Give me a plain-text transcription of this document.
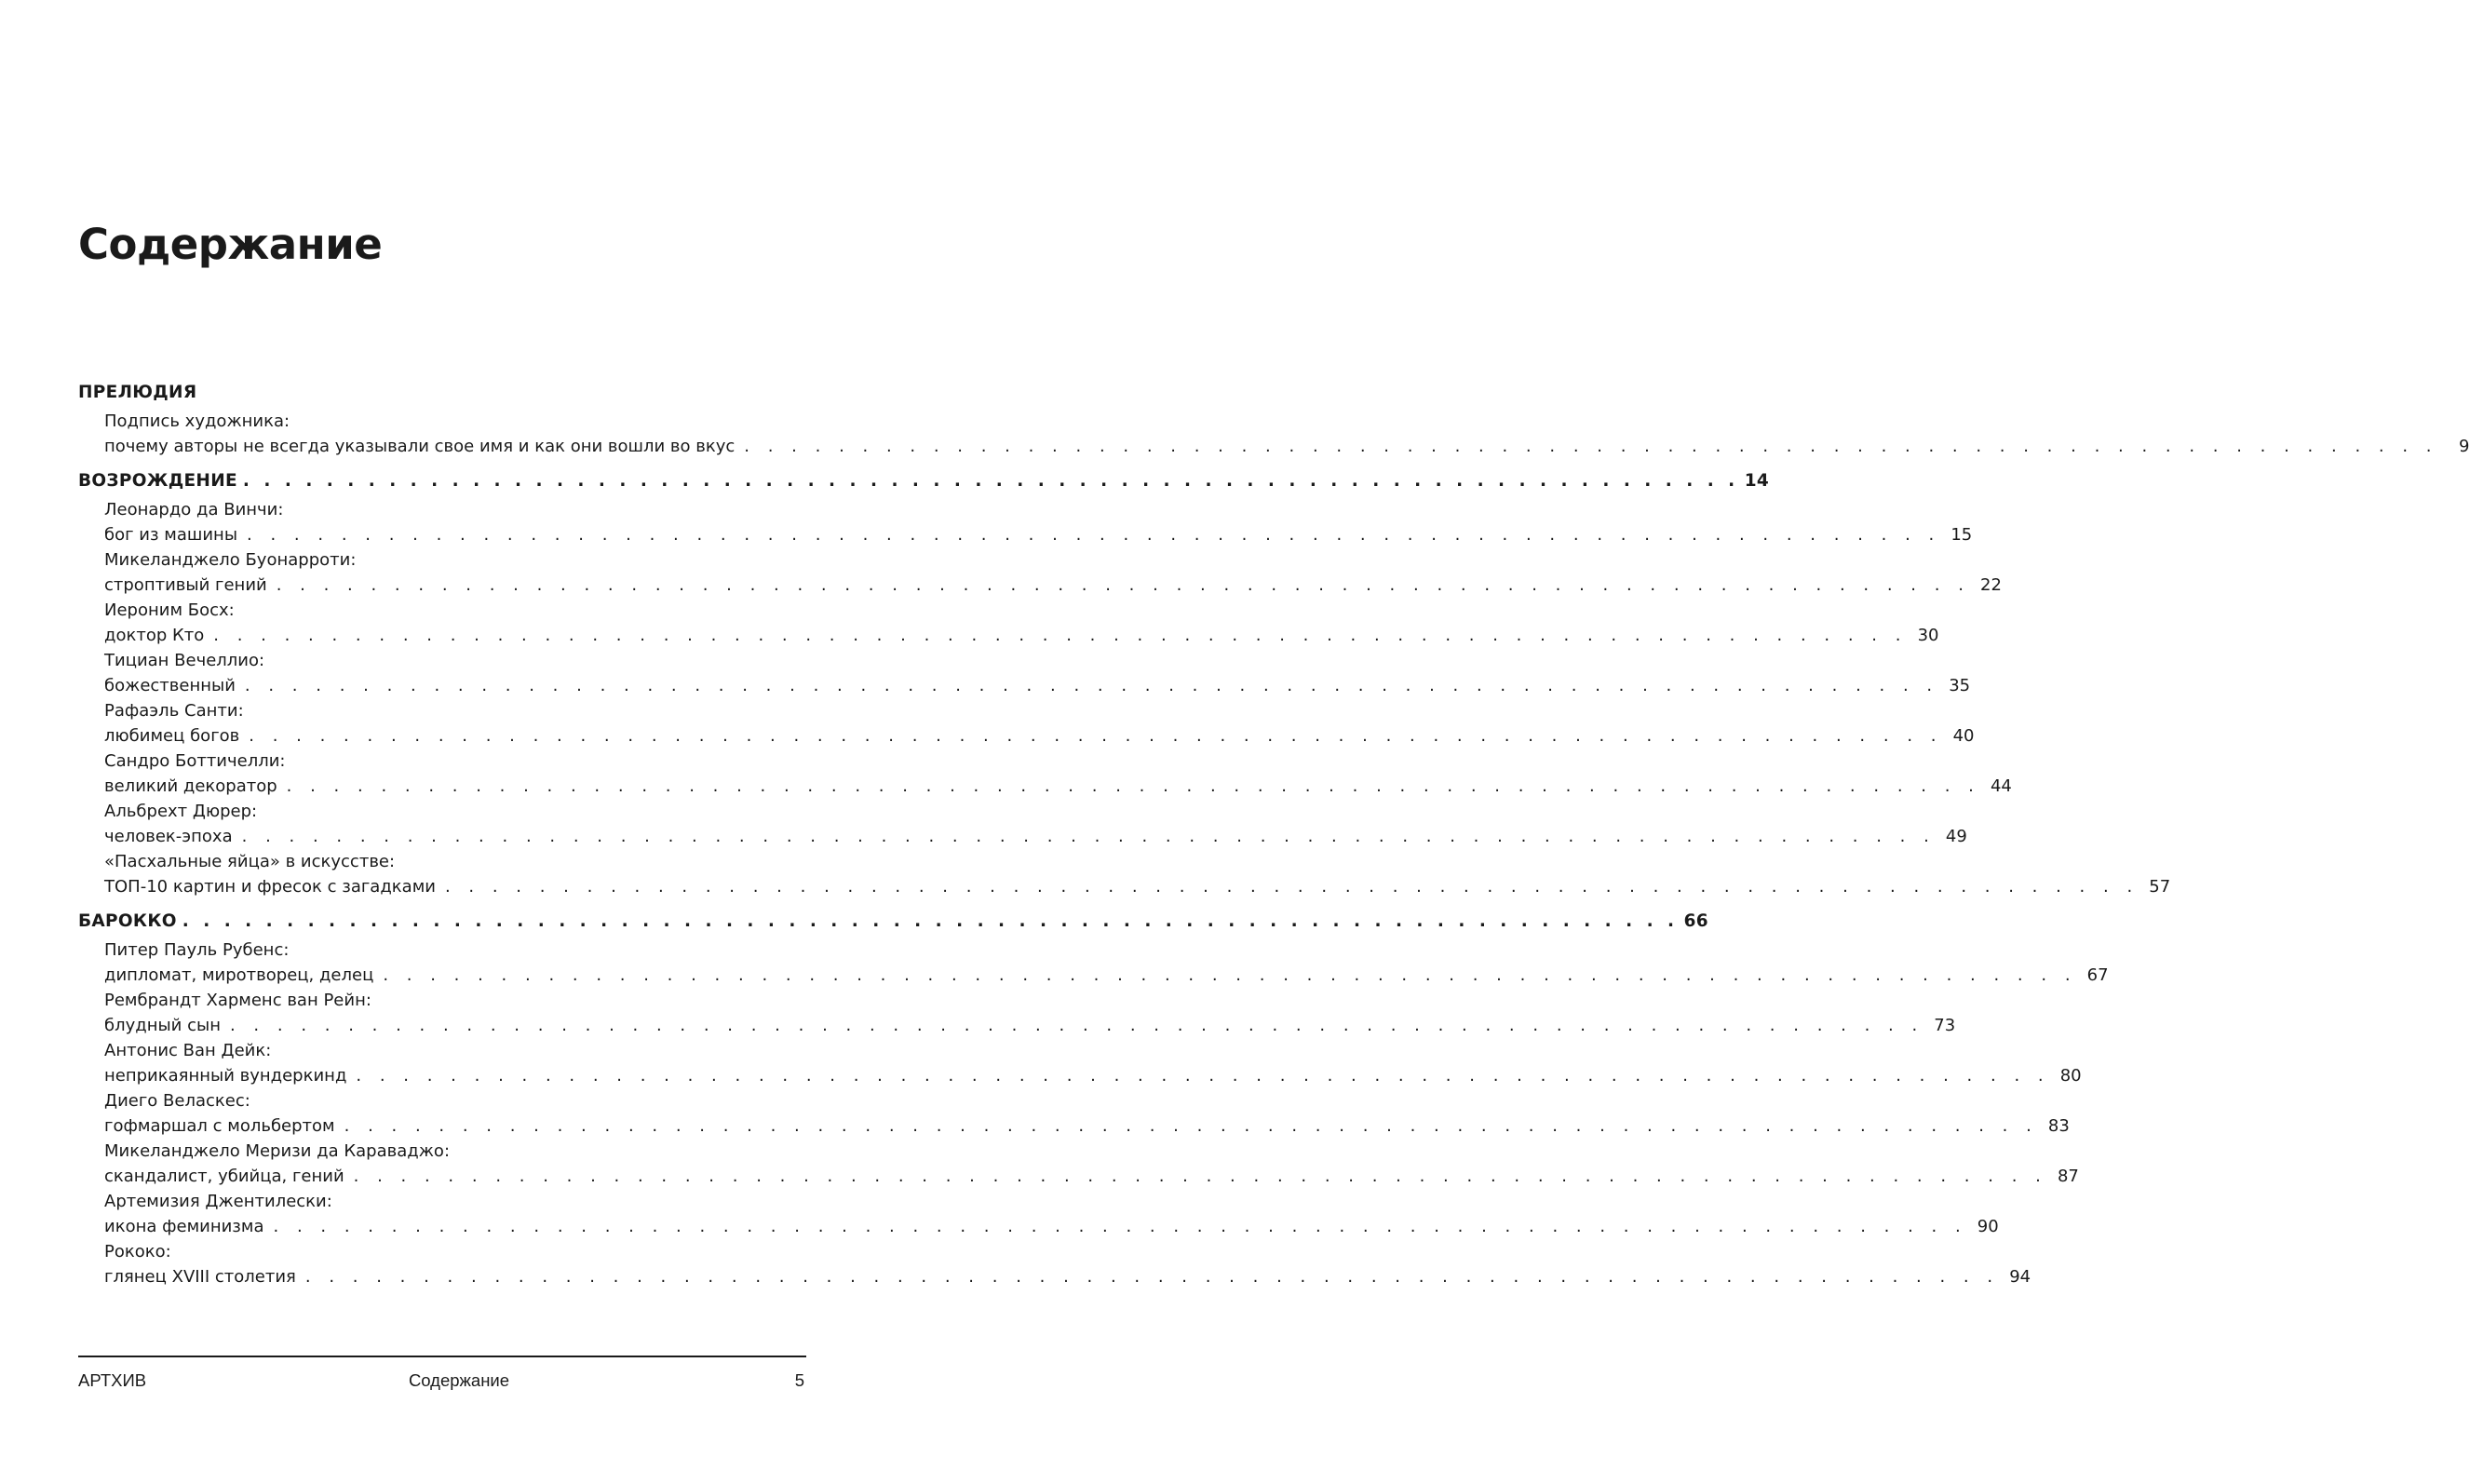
Содержание
ПРЕЛЮДИЯ
Подпись художника:
почему авторы не всегда указывали свое имя и как они вошли во вкус . . . . . . . . . . . . . . . . . . . . . . . . . . . . . . . . . . . . . . . . . . . . . . . . . . . . . . . . . . . . . . . . . . . . . . . .	9
ВОЗРОЖДЕНИЕ . . . . . . . . . . . . . . . . . . . . . . . . . . . . . . . . . . . . . . . . . . . . . . . . . . . . . . . . . . . . . . . . . . . . . . . . 14
Леонардо да Винчи:
бог из машины . . . . . . . . . . . . . . . . . . . . . . . . . . . . . . . . . . . . . . . . . . . . . . . . . . . . . . . . . . . . . . . . . . . . . . . . 15
Микеланджело Буонарроти:
строптивый гений . . . . . . . . . . . . . . . . . . . . . . . . . . . . . . . . . . . . . . . . . . . . . . . . . . . . . . . . . . . . . . . . . . . . . . . . 22
Иероним Босх:
доктор Кто . . . . . . . . . . . . . . . . . . . . . . . . . . . . . . . . . . . . . . . . . . . . . . . . . . . . . . . . . . . . . . . . . . . . . . . . 30
Тициан Вечеллио:
божественный . . . . . . . . . . . . . . . . . . . . . . . . . . . . . . . . . . . . . . . . . . . . . . . . . . . . . . . . . . . . . . . . . . . . . . . . 35
Рафаэль Санти:
любимец богов . . . . . . . . . . . . . . . . . . . . . . . . . . . . . . . . . . . . . . . . . . . . . . . . . . . . . . . . . . . . . . . . . . . . . . . . 40
Сандро Боттичелли:
великий декоратор . . . . . . . . . . . . . . . . . . . . . . . . . . . . . . . . . . . . . . . . . . . . . . . . . . . . . . . . . . . . . . . . . . . . . . . . 44
Альбрехт Дюрер:
человек-эпоха . . . . . . . . . . . . . . . . . . . . . . . . . . . . . . . . . . . . . . . . . . . . . . . . . . . . . . . . . . . . . . . . . . . . . . . . 49
«Пасхальные яйца» в искусстве:
ТОП-10 картин и фресок с загадками . . . . . . . . . . . . . . . . . . . . . . . . . . . . . . . . . . . . . . . . . . . . . . . . . . . . . . . . . . . . . . . . . . . . . . . . 57
БАРОККО . . . . . . . . . . . . . . . . . . . . . . . . . . . . . . . . . . . . . . . . . . . . . . . . . . . . . . . . . . . . . . . . . . . . . . . . 66
Питер Пауль Рубенс:
дипломат, миротворец, делец . . . . . . . . . . . . . . . . . . . . . . . . . . . . . . . . . . . . . . . . . . . . . . . . . . . . . . . . . . . . . . . . . . . . . . . . 67
Рембрандт Харменс ван Рейн:
блудный сын . . . . . . . . . . . . . . . . . . . . . . . . . . . . . . . . . . . . . . . . . . . . . . . . . . . . . . . . . . . . . . . . . . . . . . . . 73
Антонис Ван Дейк:
неприкаянный вундеркинд . . . . . . . . . . . . . . . . . . . . . . . . . . . . . . . . . . . . . . . . . . . . . . . . . . . . . . . . . . . . . . . . . . . . . . . . 80
Диего Веласкес:
гофмаршал с мольбертом . . . . . . . . . . . . . . . . . . . . . . . . . . . . . . . . . . . . . . . . . . . . . . . . . . . . . . . . . . . . . . . . . . . . . . . . 83
Микеланджело Меризи да Караваджо:
скандалист, убийца, гений . . . . . . . . . . . . . . . . . . . . . . . . . . . . . . . . . . . . . . . . . . . . . . . . . . . . . . . . . . . . . . . . . . . . . . . . 87
Артемизия Джентилески:
икона феминизма . . . . . . . . . . . . . . . . . . . . . . . . . . . . . . . . . . . . . . . . . . . . . . . . . . . . . . . . . . . . . . . . . . . . . . . . 90
Рококо:
глянец XVIII столетия . . . . . . . . . . . . . . . . . . . . . . . . . . . . . . . . . . . . . . . . . . . . . . . . . . . . . . . . . . . . . . . . . . . . . . . . 94
АРТХИВ	Содержание	5
